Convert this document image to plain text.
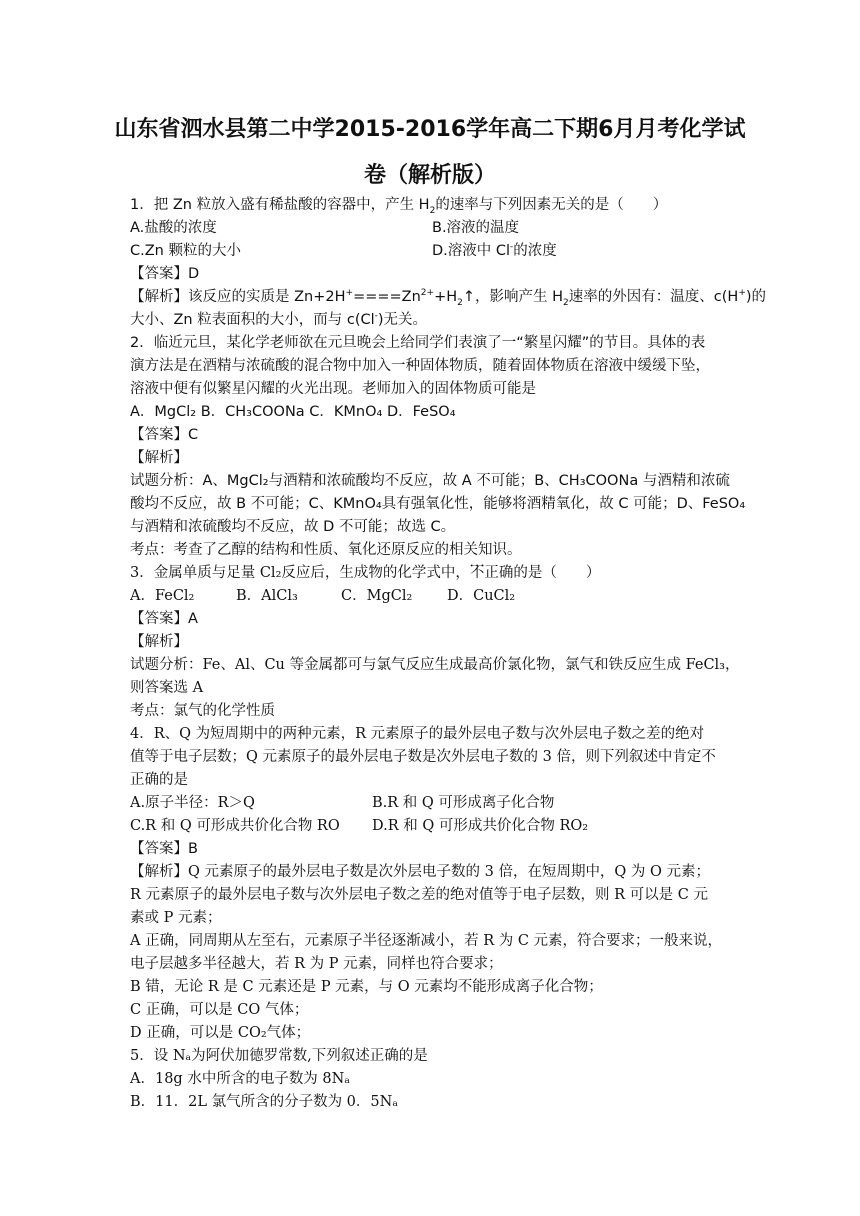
山东省泗水县第二中学2015-2016学年高二下期6月月考化学试
卷（解析版）
1．把 Zn 粒放入盛有稀盐酸的容器中，产生 $H_2$的速率与下列因素无关的是（　　）
A.盐酸的浓度	B.溶液的温度
C.Zn 颗粒的大小	D.溶液中 Cl-的浓度
【答案】D
【解析】该反应的实质是 $Zn+2H^+====Zn^{2+}+H_2↑$，影响产生 $H_2$速率的外因有：温度、c(H+)的
大小、Zn 粒表面积的大小，而与 c(Cl-)无关。
2．临近元旦，某化学老师欲在元旦晚会上给同学们表演了一“繁星闪耀”的节目。具体的表
演方法是在酒精与浓硫酸的混合物中加入一种固体物质，随着固体物质在溶液中缓缓下坠，
溶液中便有似繁星闪耀的火光出现。老师加入的固体物质可能是
A．MgCl₂ B．CH₃COONa C．KMnO₄ D．FeSO₄
【答案】C
【解析】
试题分析：A、MgCl₂与酒精和浓硫酸均不反应，故 A 不可能；B、CH₃COONa 与酒精和浓硫
酸均不反应，故 B 不可能；C、KMnO₄具有强氧化性，能够将酒精氧化，故 C 可能；D、FeSO₄
与酒精和浓硫酸均不反应，故 D 不可能；故选 C。
考点：考查了乙醇的结构和性质、氧化还原反应的相关知识。
3．金属单质与足量 Cl₂反应后，生成物的化学式中，不正确 • • •的是（　　）
A．FeCl₂	B．AlCl₃	C．MgCl₂ D．CuCl₂
【答案】A
【解析】
试题分析：Fe、Al、Cu 等金属都可与氯气反应生成最高价氯化物，氯气和铁反应生成 FeCl₃，
则答案选 A
考点：氯气的化学性质
4．R、Q 为短周期中的两种元素，R 元素原子的最外层电子数与次外层电子数之差的绝对
值等于电子层数；Q 元素原子的最外层电子数是次外层电子数的 3 倍，则下列叙述中肯定不
正确的是
A.原子半径：R＞Q	B.R 和 Q 可形成离子化合物
C.R 和 Q 可形成共价化合物 RO D.R 和 Q 可形成共价化合物 RO₂
【答案】B
【解析】Q 元素原子的最外层电子数是次外层电子数的 3 倍，在短周期中，Q 为 O 元素；
R 元素原子的最外层电子数与次外层电子数之差的绝对值等于电子层数，则 R 可以是 C 元
素或 P 元素；
A 正确，同周期从左至右，元素原子半径逐渐减小，若 R 为 C 元素，符合要求；一般来说，
电子层越多半径越大，若 R 为 P 元素，同样也符合要求；
B 错，无论 R 是 C 元素还是 P 元素，与 O 元素均不能形成离子化合物；
C 正确，可以是 CO 气体；
D 正确，可以是 CO₂气体；
5．设 Nₐ为阿伏加德罗常数,下列叙述正确的是
A．18g 水中所含的电子数为 8Nₐ
B．11．2L 氯气所含的分子数为 0．5Nₐ
